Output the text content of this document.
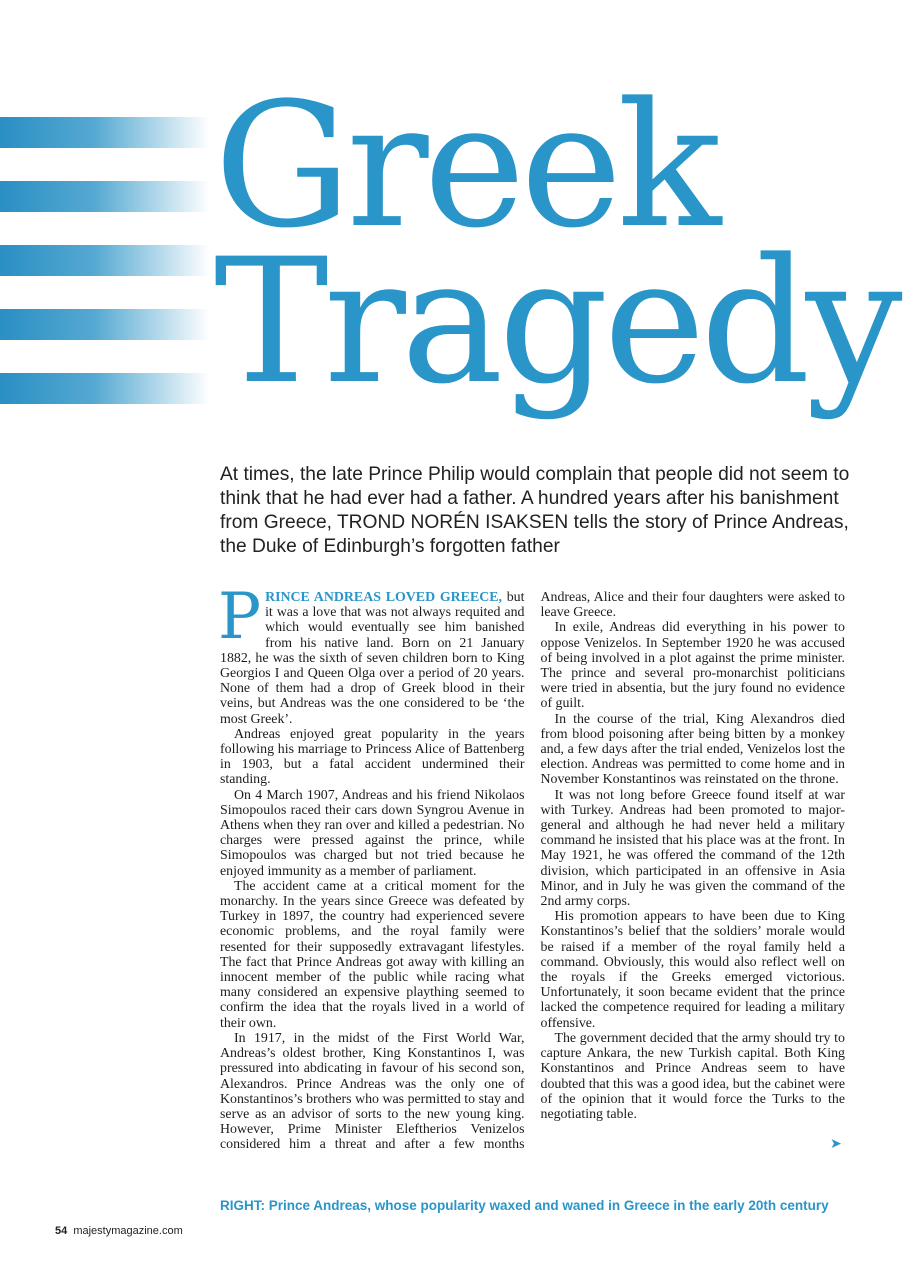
Greek
Tragedy

At times, the late Prince Philip would complain that people did not seem to think that he had ever had a father. A hundred years after his banishment from Greece, TROND NORÉN ISAKSEN tells the story of Prince Andreas, the Duke of Edinburgh’s forgotten father

PRINCE ANDREAS LOVED GREECE, but it was a love that was not always requited and which would eventually see him banished from his native land. Born on 21 January 1882, he was the sixth of seven children born to King Georgios I and Queen Olga over a period of 20 years. None of them had a drop of Greek blood in their veins, but Andreas was the one considered to be ‘the most Greek’.

Andreas enjoyed great popularity in the years following his marriage to Princess Alice of Battenberg in 1903, but a fatal accident undermined their standing.

On 4 March 1907, Andreas and his friend Nikolaos Simopoulos raced their cars down Syngrou Avenue in Athens when they ran over and killed a pedestrian. No charges were pressed against the prince, while Simopoulos was charged but not tried because he enjoyed immunity as a member of parliament.

The accident came at a critical moment for the monarchy. In the years since Greece was defeated by Turkey in 1897, the country had experienced severe economic problems, and the royal family were resented for their supposedly extravagant lifestyles. The fact that Prince Andreas got away with killing an innocent member of the public while racing what many considered an expensive plaything seemed to confirm the idea that the royals lived in a world of their own.

In 1917, in the midst of the First World War, Andreas’s oldest brother, King Konstantinos I, was pressured into abdicating in favour of his second son, Alexandros. Prince Andreas was the only one of Konstantinos’s brothers who was permitted to stay and serve as an advisor of sorts to the new young king. However, Prime Minister Eleftherios Venizelos considered him a threat and after a few months Andreas, Alice and their four daughters were asked to leave Greece.

In exile, Andreas did everything in his power to oppose Venizelos. In September 1920 he was accused of being involved in a plot against the prime minister. The prince and several pro-monarchist politicians were tried in absentia, but the jury found no evidence of guilt.

In the course of the trial, King Alexandros died from blood poisoning after being bitten by a monkey and, a few days after the trial ended, Venizelos lost the election. Andreas was permitted to come home and in November Konstantinos was reinstated on the throne.

It was not long before Greece found itself at war with Turkey. Andreas had been promoted to major-general and although he had never held a military command he insisted that his place was at the front. In May 1921, he was offered the command of the 12th division, which participated in an offensive in Asia Minor, and in July he was given the command of the 2nd army corps.

His promotion appears to have been due to King Konstantinos’s belief that the soldiers’ morale would be raised if a member of the royal family held a command. Obviously, this would also reflect well on the royals if the Greeks emerged victorious. Unfortunately, it soon became evident that the prince lacked the competence required for leading a military offensive.

The government decided that the army should try to capture Ankara, the new Turkish capital. Both King Konstantinos and Prince Andreas seem to have doubted that this was a good idea, but the cabinet were of the opinion that it would force the Turks to the negotiating table.

➤

RIGHT: Prince Andreas, whose popularity waxed and waned in Greece in the early 20th century

54 majestymagazine.com
